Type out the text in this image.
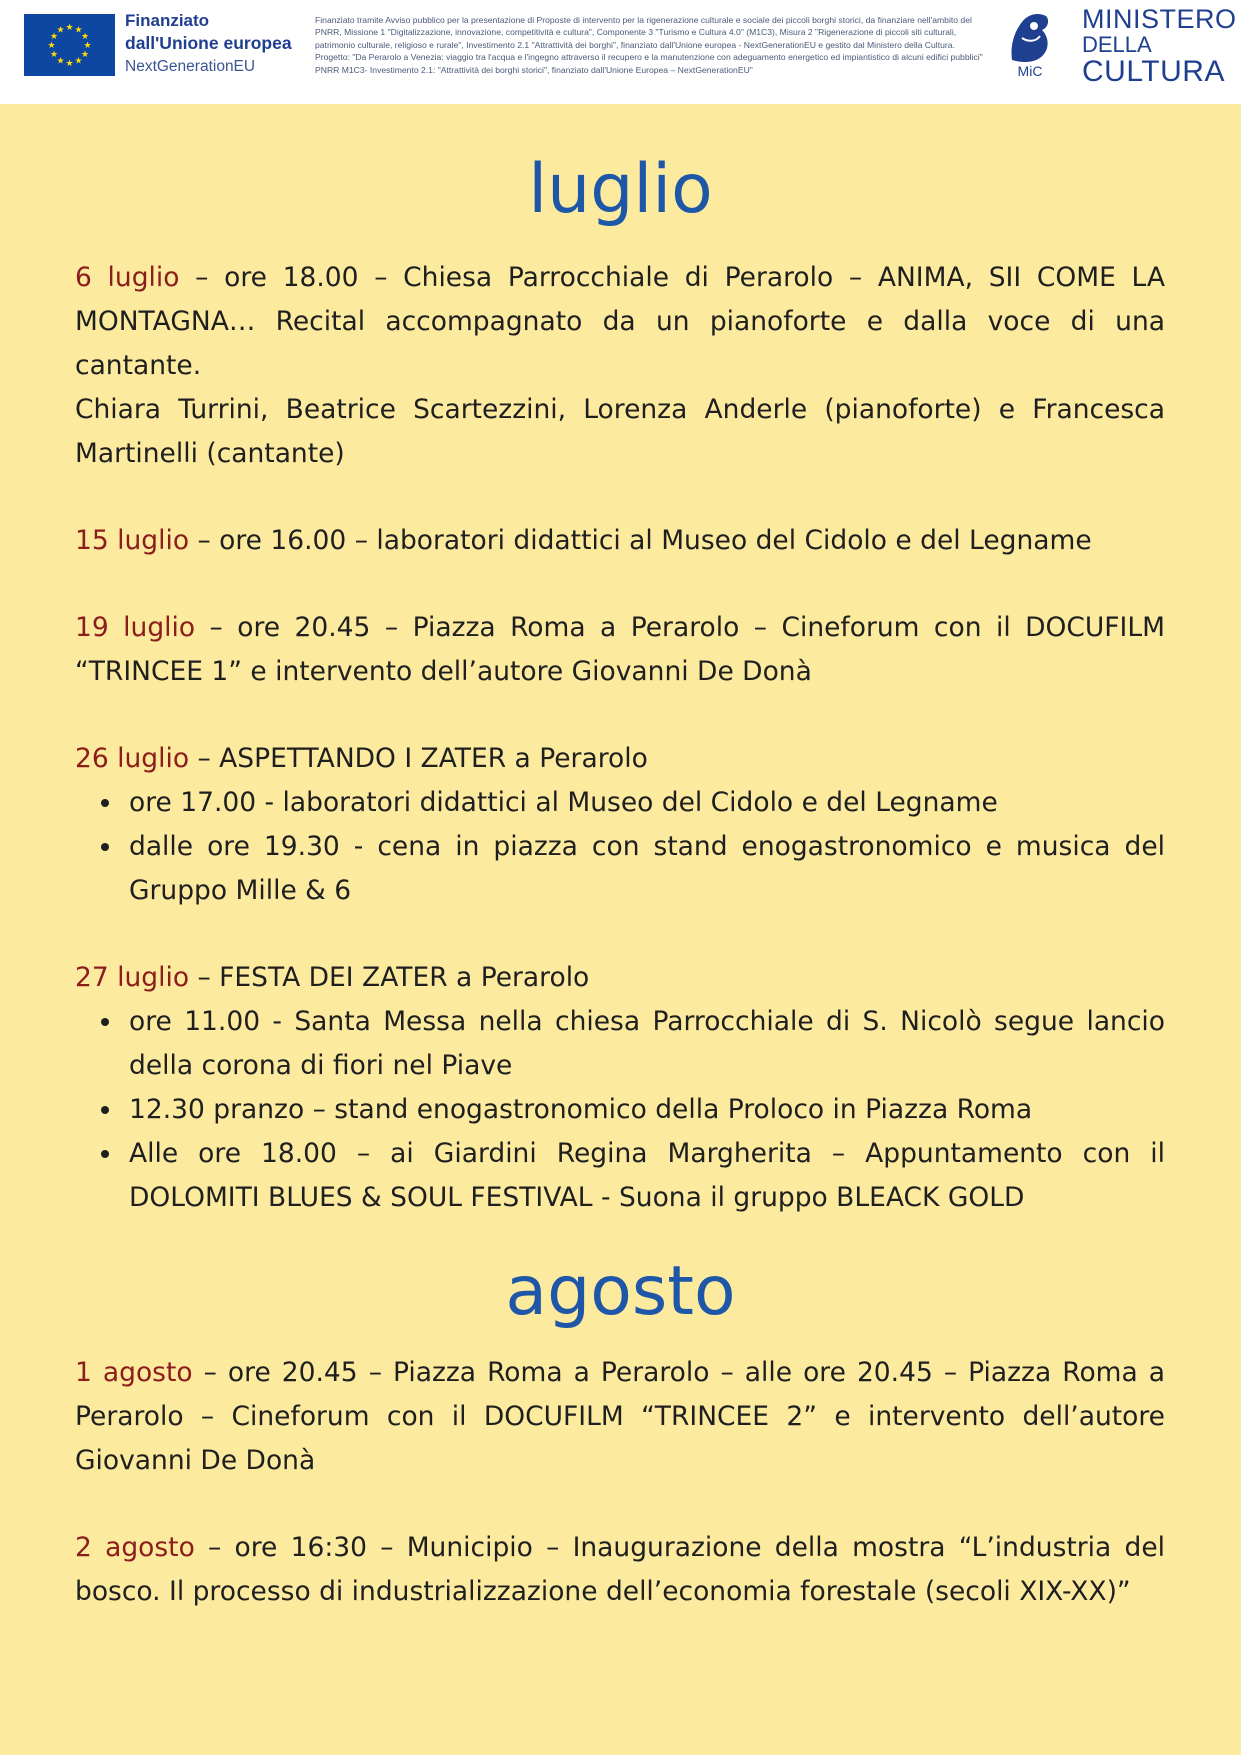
★ ★
★
★
★
★
★
★
★
★
★
★
Finanziato
dall'Unione europea
NextGenerationEU

Finanziato tramite Avviso pubblico per la presentazione di Proposte di intervento per la rigenerazione culturale e sociale dei piccoli borghi storici, da finanziare nell'ambito del PNRR, Missione 1 "Digitalizzazione, innovazione, competitività e cultura", Componente 3 "Turismo e Cultura 4.0" (M1C3), Misura 2 "Rigenerazione di piccoli siti culturali, patrimonio culturale, religioso e rurale", Investimento 2.1 "Attrattività dei borghi", finanziato dall'Unione europea - NextGenerationEU e gestito dal Ministero della Cultura.

Progetto: "Da Perarolo a Venezia: viaggio tra l'acqua e l'ingegno attraverso il recupero e la manutenzione con adeguamento energetico ed impiantistico di alcuni edifici pubblici" PNRR M1C3- Investimento 2.1: "Attrattività dei borghi storici", finanziato dall'Unione Europea – NextGenerationEU"	MiC
MINISTERO
DELLA
CULTURA
luglio
6 luglio – ore 18.00 – Chiesa Parrocchiale di Perarolo – ANIMA, SII COME LA MONTAGNA… Recital accompagnato da un pianoforte e dalla voce di una cantante.
Chiara Turrini, Beatrice Scartezzini, Lorenza Anderle (pianoforte) e Francesca Martinelli (cantante)
15 luglio – ore 16.00 – laboratori didattici al Museo del Cidolo e del Legname
19 luglio – ore 20.45 – Piazza Roma a Perarolo – Cineforum con il DOCUFILM “TRINCEE 1” e intervento dell’autore Giovanni De Donà
26 luglio – ASPETTANDO I ZATER a Perarolo
ore 17.00 - laboratori didattici al Museo del Cidolo e del Legname
dalle ore 19.30 - cena in piazza con stand enogastronomico e musica del Gruppo Mille & 6
27 luglio – FESTA DEI ZATER a Perarolo
ore 11.00 - Santa Messa nella chiesa Parrocchiale di S. Nicolò segue lancio della corona di fiori nel Piave
12.30 pranzo – stand enogastronomico della Proloco in Piazza Roma
Alle ore 18.00 – ai Giardini Regina Margherita – Appuntamento con il DOLOMITI BLUES & SOUL FESTIVAL - Suona il gruppo BLEACK GOLD
agosto
1 agosto – ore 20.45 – Piazza Roma a Perarolo – alle ore 20.45 – Piazza Roma a Perarolo – Cineforum con il DOCUFILM “TRINCEE 2” e intervento dell’autore Giovanni De Donà
2 agosto – ore 16:30 – Municipio – Inaugurazione della mostra “L’industria del bosco. Il processo di industrializzazione dell’economia forestale (secoli XIX-XX)”
